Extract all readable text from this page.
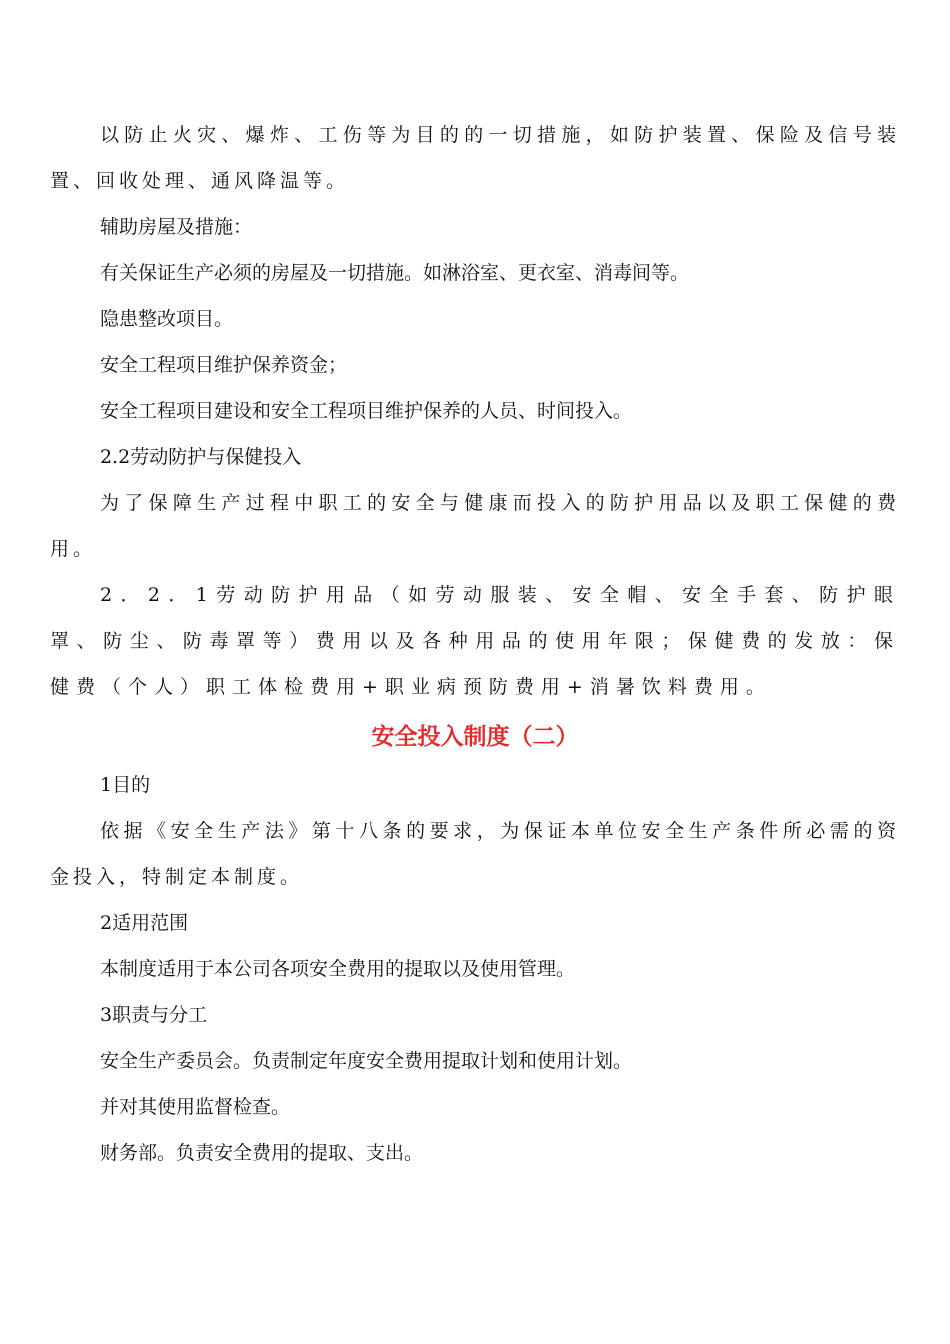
以防止火灾、爆炸、工伤等为目的的一切措施，如防护装置、保险及信号装置、回收处理、通风降温等。

辅助房屋及措施：

有关保证生产必须的房屋及一切措施。如淋浴室、更衣室、消毒间等。

隐患整改项目。

安全工程项目维护保养资金；

安全工程项目建设和安全工程项目维护保养的人员、时间投入。

2.2劳动防护与保健投入

为了保障生产过程中职工的安全与健康而投入的防护用品以及职工保健的费用。

2．2．1劳动防护用品（如劳动服装、安全帽、安全手套、防护眼罩、防尘、防毒罩等）费用以及各种用品的使用年限；保健费的发放：保健费（个人）职工体检费用+职业病预防费用+消暑饮料费用。

安全投入制度（二）

1目的

依据《安全生产法》第十八条的要求，为保证本单位安全生产条件所必需的资金投入，特制定本制度。

2适用范围

本制度适用于本公司各项安全费用的提取以及使用管理。

3职责与分工

安全生产委员会。负责制定年度安全费用提取计划和使用计划。

并对其使用监督检查。

财务部。负责安全费用的提取、支出。
